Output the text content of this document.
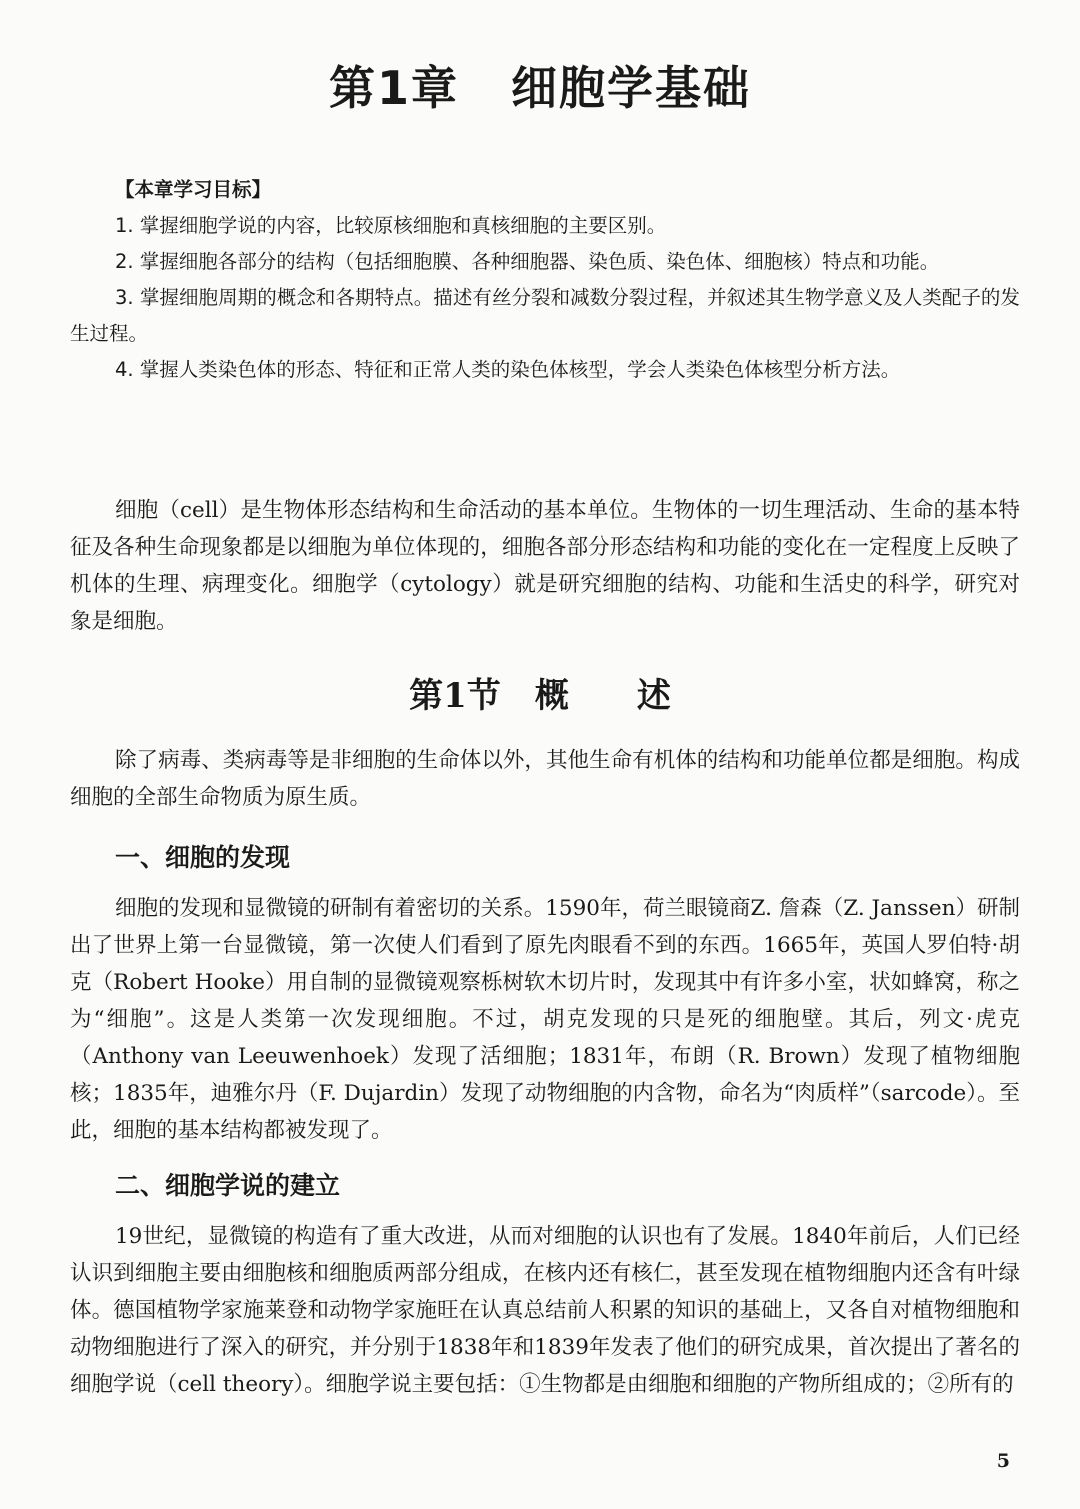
第1章 细胞学基础
【本章学习目标】
1. 掌握细胞学说的内容，比较原核细胞和真核细胞的主要区别。
2. 掌握细胞各部分的结构（包括细胞膜、各种细胞器、染色质、染色体、细胞核）特点和功能。
3. 掌握细胞周期的概念和各期特点。描述有丝分裂和减数分裂过程，并叙述其生物学意义及人类配子的发生过程。
4. 掌握人类染色体的形态、特征和正常人类的染色体核型，学会人类染色体核型分析方法。

细胞（cell）是生物体形态结构和生命活动的基本单位。生物体的一切生理活动、生命的基本特征及各种生命现象都是以细胞为单位体现的，细胞各部分形态结构和功能的变化在一定程度上反映了机体的生理、病理变化。细胞学（cytology）就是研究细胞的结构、功能和生活史的科学，研究对象是细胞。

第1节　概　　述

除了病毒、类病毒等是非细胞的生命体以外，其他生命有机体的结构和功能单位都是细胞。构成细胞的全部生命物质为原生质。

一、细胞的发现

细胞的发现和显微镜的研制有着密切的关系。1590年，荷兰眼镜商Z. 詹森（Z. Janssen）研制出了世界上第一台显微镜，第一次使人们看到了原先肉眼看不到的东西。1665年，英国人罗伯特·胡克（Robert Hooke）用自制的显微镜观察栎树软木切片时，发现其中有许多小室，状如蜂窝，称之为“细胞”。这是人类第一次发现细胞。不过，胡克发现的只是死的细胞壁。其后，列文·虎克（Anthony van Leeuwenhoek）发现了活细胞；1831年，布朗（R. Brown）发现了植物细胞核；1835年，迪雅尔丹（F. Dujardin）发现了动物细胞的内含物，命名为“肉质样”（sarcode）。至此，细胞的基本结构都被发现了。

二、细胞学说的建立

19世纪，显微镜的构造有了重大改进，从而对细胞的认识也有了发展。1840年前后，人们已经认识到细胞主要由细胞核和细胞质两部分组成，在核内还有核仁，甚至发现在植物细胞内还含有叶绿体。德国植物学家施莱登和动物学家施旺在认真总结前人积累的知识的基础上，又各自对植物细胞和动物细胞进行了深入的研究，并分别于1838年和1839年发表了他们的研究成果，首次提出了著名的细胞学说（cell theory）。细胞学说主要包括：①生物都是由细胞和细胞的产物所组成的；②所有的

5
